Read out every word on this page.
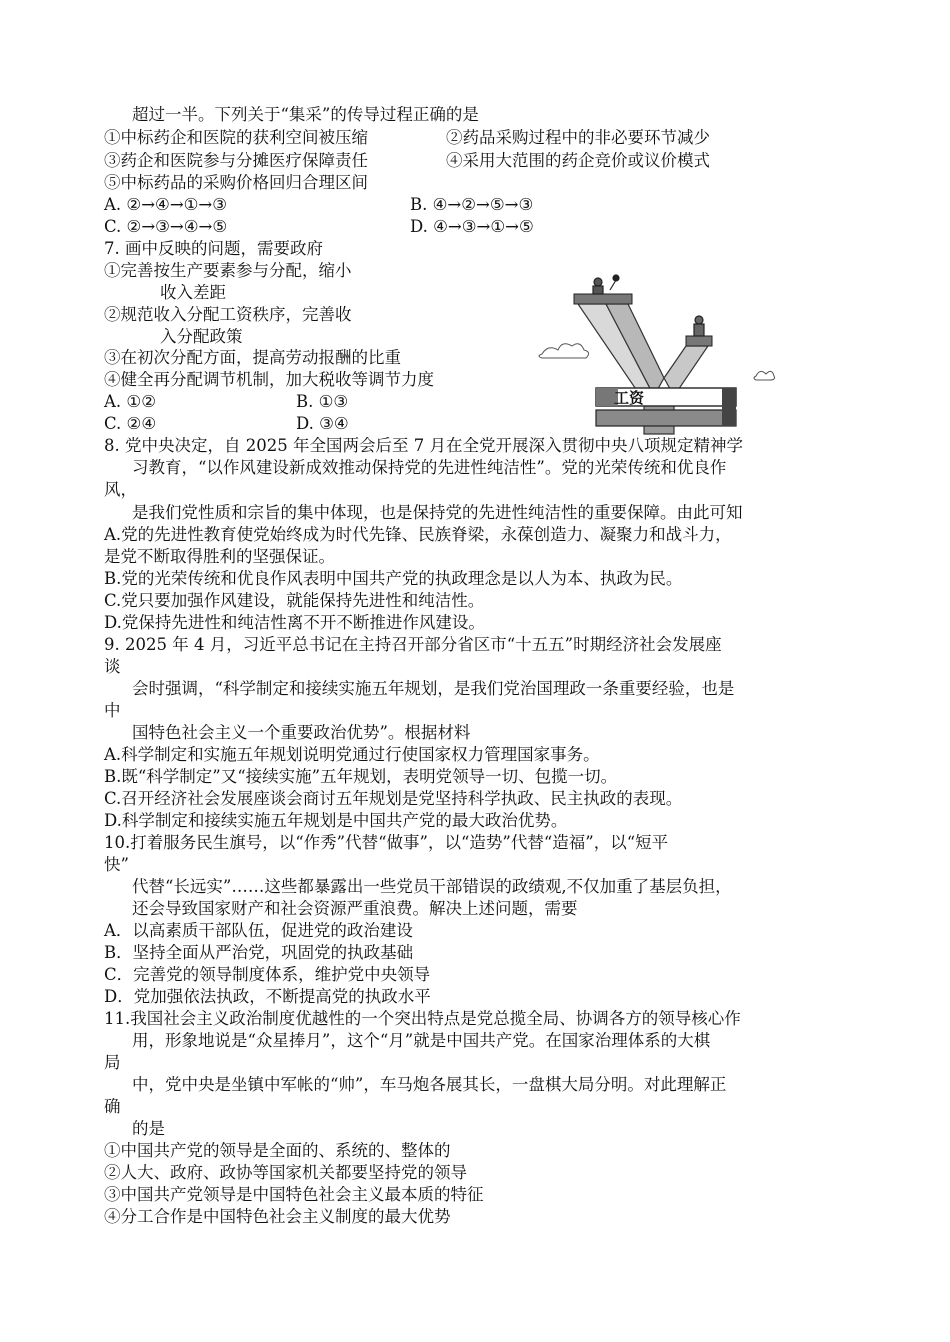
超过一半。下列关于“集采”的传导过程正确的是
①中标药企和医院的获利空间被压缩	②药品采购过程中的非必要环节减少
③药企和医院参与分摊医疗保障责任	④采用大范围的药企竞价或议价模式
⑤中标药品的采购价格回归合理区间
A. ②→④→①→③	B. ④→②→⑤→③
C. ②→③→④→⑤	D. ④→③→①→⑤
7. 画中反映的问题，需要政府
①完善按生产要素参与分配，缩小
收入差距
②规范收入分配工资秩序，完善收
入分配政策
③在初次分配方面，提高劳动报酬的比重
④健全再分配调节机制，加大税收等调节力度
A. ①②	B. ①③
C. ②④	D. ③④
工资
8. 党中央决定，自 2025 年全国两会后至 7 月在全党开展深入贯彻中央八项规定精神学
习教育，“以作风建设新成效推动保持党的先进性纯洁性”。党的光荣传统和优良作
风，
是我们党性质和宗旨的集中体现，也是保持党的先进性纯洁性的重要保障。由此可知
A.党的先进性教育使党始终成为时代先锋、民族脊梁，永葆创造力、凝聚力和战斗力，
是党不断取得胜利的坚强保证。
B.党的光荣传统和优良作风表明中国共产党的执政理念是以人为本、执政为民。
C.党只要加强作风建设，就能保持先进性和纯洁性。
D.党保持先进性和纯洁性离不开不断推进作风建设。
9. 2025 年 4 月，习近平总书记在主持召开部分省区市“十五五”时期经济社会发展座
谈
会时强调，“科学制定和接续实施五年规划，是我们党治国理政一条重要经验，也是
中
国特色社会主义一个重要政治优势”。根据材料
A.科学制定和实施五年规划说明党通过行使国家权力管理国家事务。
B.既“科学制定”又“接续实施”五年规划，表明党领导一切、包揽一切。
C.召开经济社会发展座谈会商讨五年规划是党坚持科学执政、民主执政的表现。
D.科学制定和接续实施五年规划是中国共产党的最大政治优势。
10.打着服务民生旗号，以“作秀”代替“做事”，以“造势”代替“造福”，以“短平
快”
代替“长远实”……这些都暴露出一些党员干部错误的政绩观,不仅加重了基层负担，
还会导致国家财产和社会资源严重浪费。解决上述问题，需要
A．以高素质干部队伍，促进党的政治建设
B．坚持全面从严治党，巩固党的执政基础
C．完善党的领导制度体系，维护党中央领导
D．党加强依法执政，不断提高党的执政水平
11.我国社会主义政治制度优越性的一个突出特点是党总揽全局、协调各方的领导核心作
用，形象地说是“众星捧月”，这个“月”就是中国共产党。在国家治理体系的大棋
局
中，党中央是坐镇中军帐的“帅”，车马炮各展其长，一盘棋大局分明。对此理解正
确
的是
①中国共产党的领导是全面的、系统的、整体的
②人大、政府、政协等国家机关都要坚持党的领导
③中国共产党领导是中国特色社会主义最本质的特征
④分工合作是中国特色社会主义制度的最大优势
